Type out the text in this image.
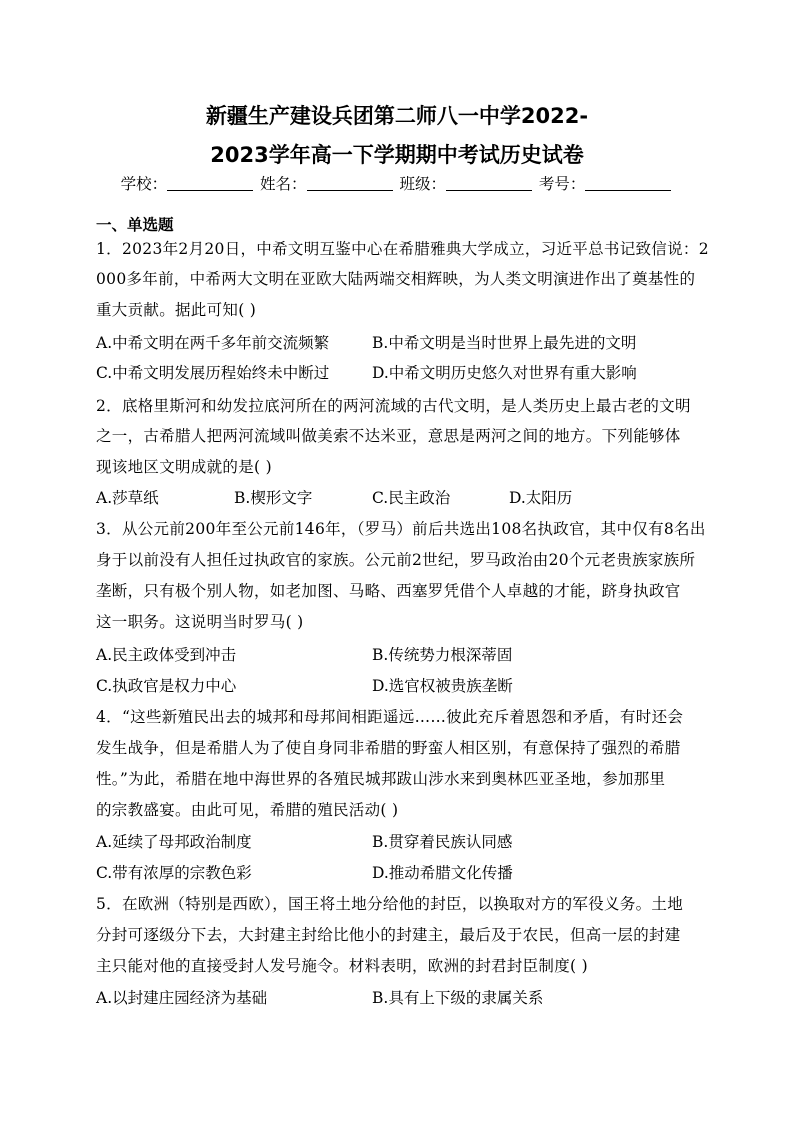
新疆生产建设兵团第二师八一中学2022-
2023学年高一下学期期中考试历史试卷
学校：	姓名：	班级：	考号：
一、单选题
1．2023年2月20日，中希文明互鉴中心在希腊雅典大学成立，习近平总书记致信说：2
000多年前，中希两大文明在亚欧大陆两端交相辉映，为人类文明演进作出了奠基性的
重大贡献。据此可知( )
A.中希文明在两千多年前交流频繁	B.中希文明是当时世界上最先进的文明
C.中希文明发展历程始终未中断过	D.中希文明历史悠久对世界有重大影响
2．底格里斯河和幼发拉底河所在的两河流域的古代文明，是人类历史上最古老的文明
之一，古希腊人把两河流域叫做美索不达米亚，意思是两河之间的地方。下列能够体
现该地区文明成就的是( )
A.莎草纸	B.楔形文字	C.民主政治	D.太阳历
3．从公元前200年至公元前146年，（罗马）前后共选出108名执政官，其中仅有8名出
身于以前没有人担任过执政官的家族。公元前2世纪，罗马政治由20个元老贵族家族所
垄断，只有极个别人物，如老加图、马略、西塞罗凭借个人卓越的才能，跻身执政官
这一职务。这说明当时罗马( )
A.民主政体受到冲击	B.传统势力根深蒂固
C.执政官是权力中心	D.选官权被贵族垄断
4．“这些新殖民出去的城邦和母邦间相距遥远……彼此充斥着恩怨和矛盾，有时还会
发生战争，但是希腊人为了使自身同非希腊的野蛮人相区别，有意保持了强烈的希腊
性。”为此，希腊在地中海世界的各殖民城邦跋山涉水来到奥林匹亚圣地，参加那里
的宗教盛宴。由此可见，希腊的殖民活动( )
A.延续了母邦政治制度	B.贯穿着民族认同感
C.带有浓厚的宗教色彩	D.推动希腊文化传播
5．在欧洲（特别是西欧），国王将土地分给他的封臣，以换取对方的军役义务。土地
分封可逐级分下去，大封建主封给比他小的封建主，最后及于农民，但高一层的封建
主只能对他的直接受封人发号施令。材料表明，欧洲的封君封臣制度( )
A.以封建庄园经济为基础	B.具有上下级的隶属关系
